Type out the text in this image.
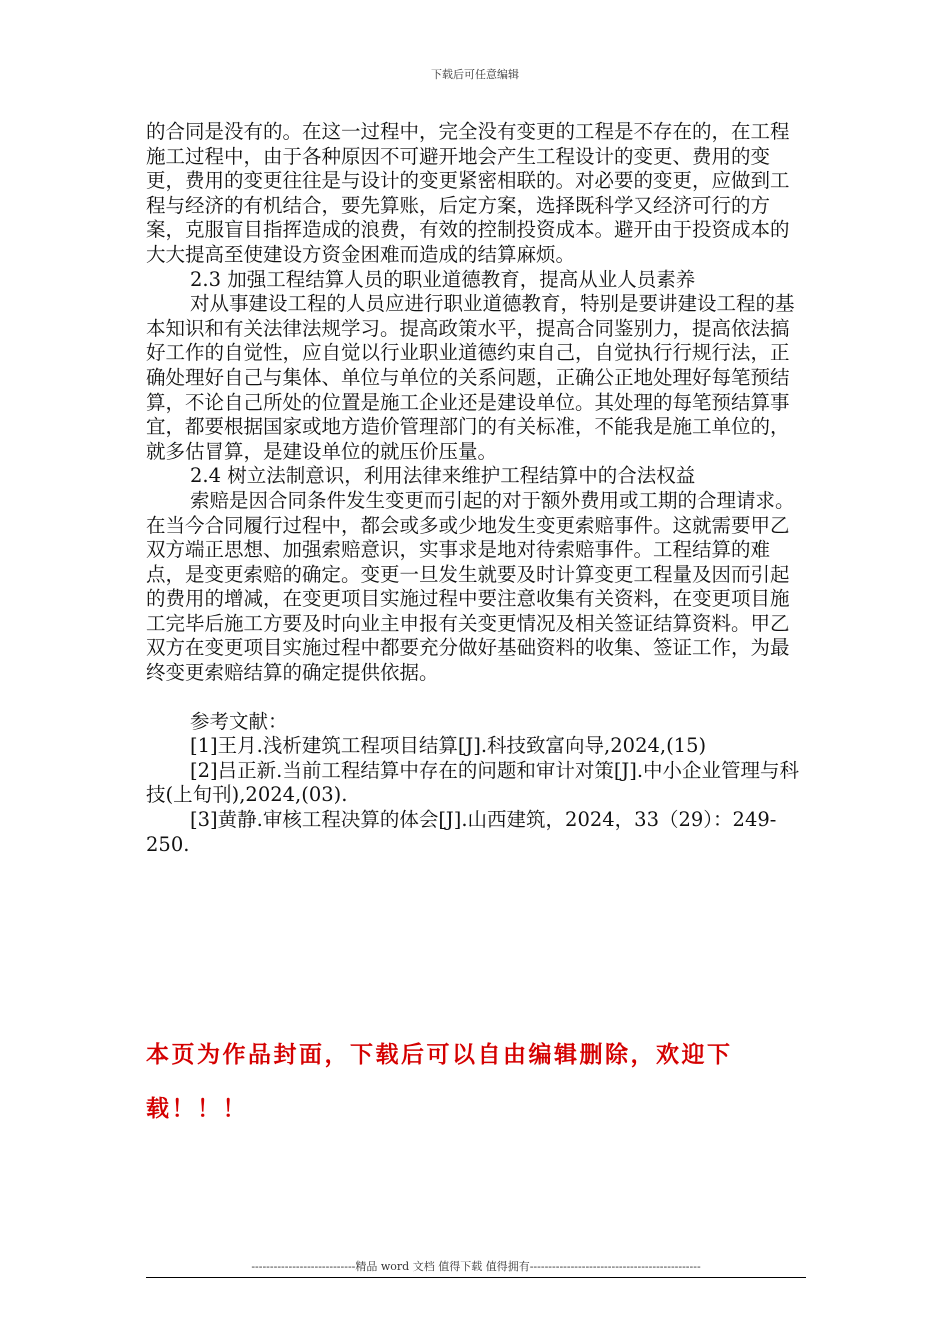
下载后可任意编辑

的合同是没有的。在这一过程中，完全没有变更的工程是不存在的，在工程施工过程中，由于各种原因不可避开地会产生工程设计的变更、费用的变更，费用的变更往往是与设计的变更紧密相联的。对必要的变更，应做到工程与经济的有机结合，要先算账，后定方案，选择既科学又经济可行的方案，克服盲目指挥造成的浪费，有效的控制投资成本。避开由于投资成本的大大提高至使建设方资金困难而造成的结算麻烦。

2.3 加强工程结算人员的职业道德教育，提高从业人员素养

对从事建设工程的人员应进行职业道德教育，特别是要讲建设工程的基本知识和有关法律法规学习。提高政策水平，提高合同鉴别力，提高依法搞好工作的自觉性，应自觉以行业职业道德约束自己，自觉执行行规行法，正确处理好自己与集体、单位与单位的关系问题，正确公正地处理好每笔预结算，不论自己所处的位置是施工企业还是建设单位。其处理的每笔预结算事宜，都要根据国家或地方造价管理部门的有关标准，不能我是施工单位的，就多估冒算，是建设单位的就压价压量。

2.4 树立法制意识，利用法律来维护工程结算中的合法权益

索赔是因合同条件发生变更而引起的对于额外费用或工期的合理请求。在当今合同履行过程中，都会或多或少地发生变更索赔事件。这就需要甲乙双方端正思想、加强索赔意识，实事求是地对待索赔事件。工程结算的难点，是变更索赔的确定。变更一旦发生就要及时计算变更工程量及因而引起的费用的增减，在变更项目实施过程中要注意收集有关资料，在变更项目施工完毕后施工方要及时向业主申报有关变更情况及相关签证结算资料。甲乙双方在变更项目实施过程中都要充分做好基础资料的收集、签证工作，为最终变更索赔结算的确定提供依据。

参考文献：

[1]王月.浅析建筑工程项目结算[J].科技致富向导,2024,(15)

[2]吕正新.当前工程结算中存在的问题和审计对策[J].中小企业管理与科技(上旬刊),2024,(03).

[3]黄静.审核工程决算的体会[J].山西建筑，2024，33（29）：249-250.

本页为作品封面，下载后可以自由编辑删除，欢迎下载！！！
----------------------------精品 word 文档 值得下载 值得拥有----------------------------------------------
